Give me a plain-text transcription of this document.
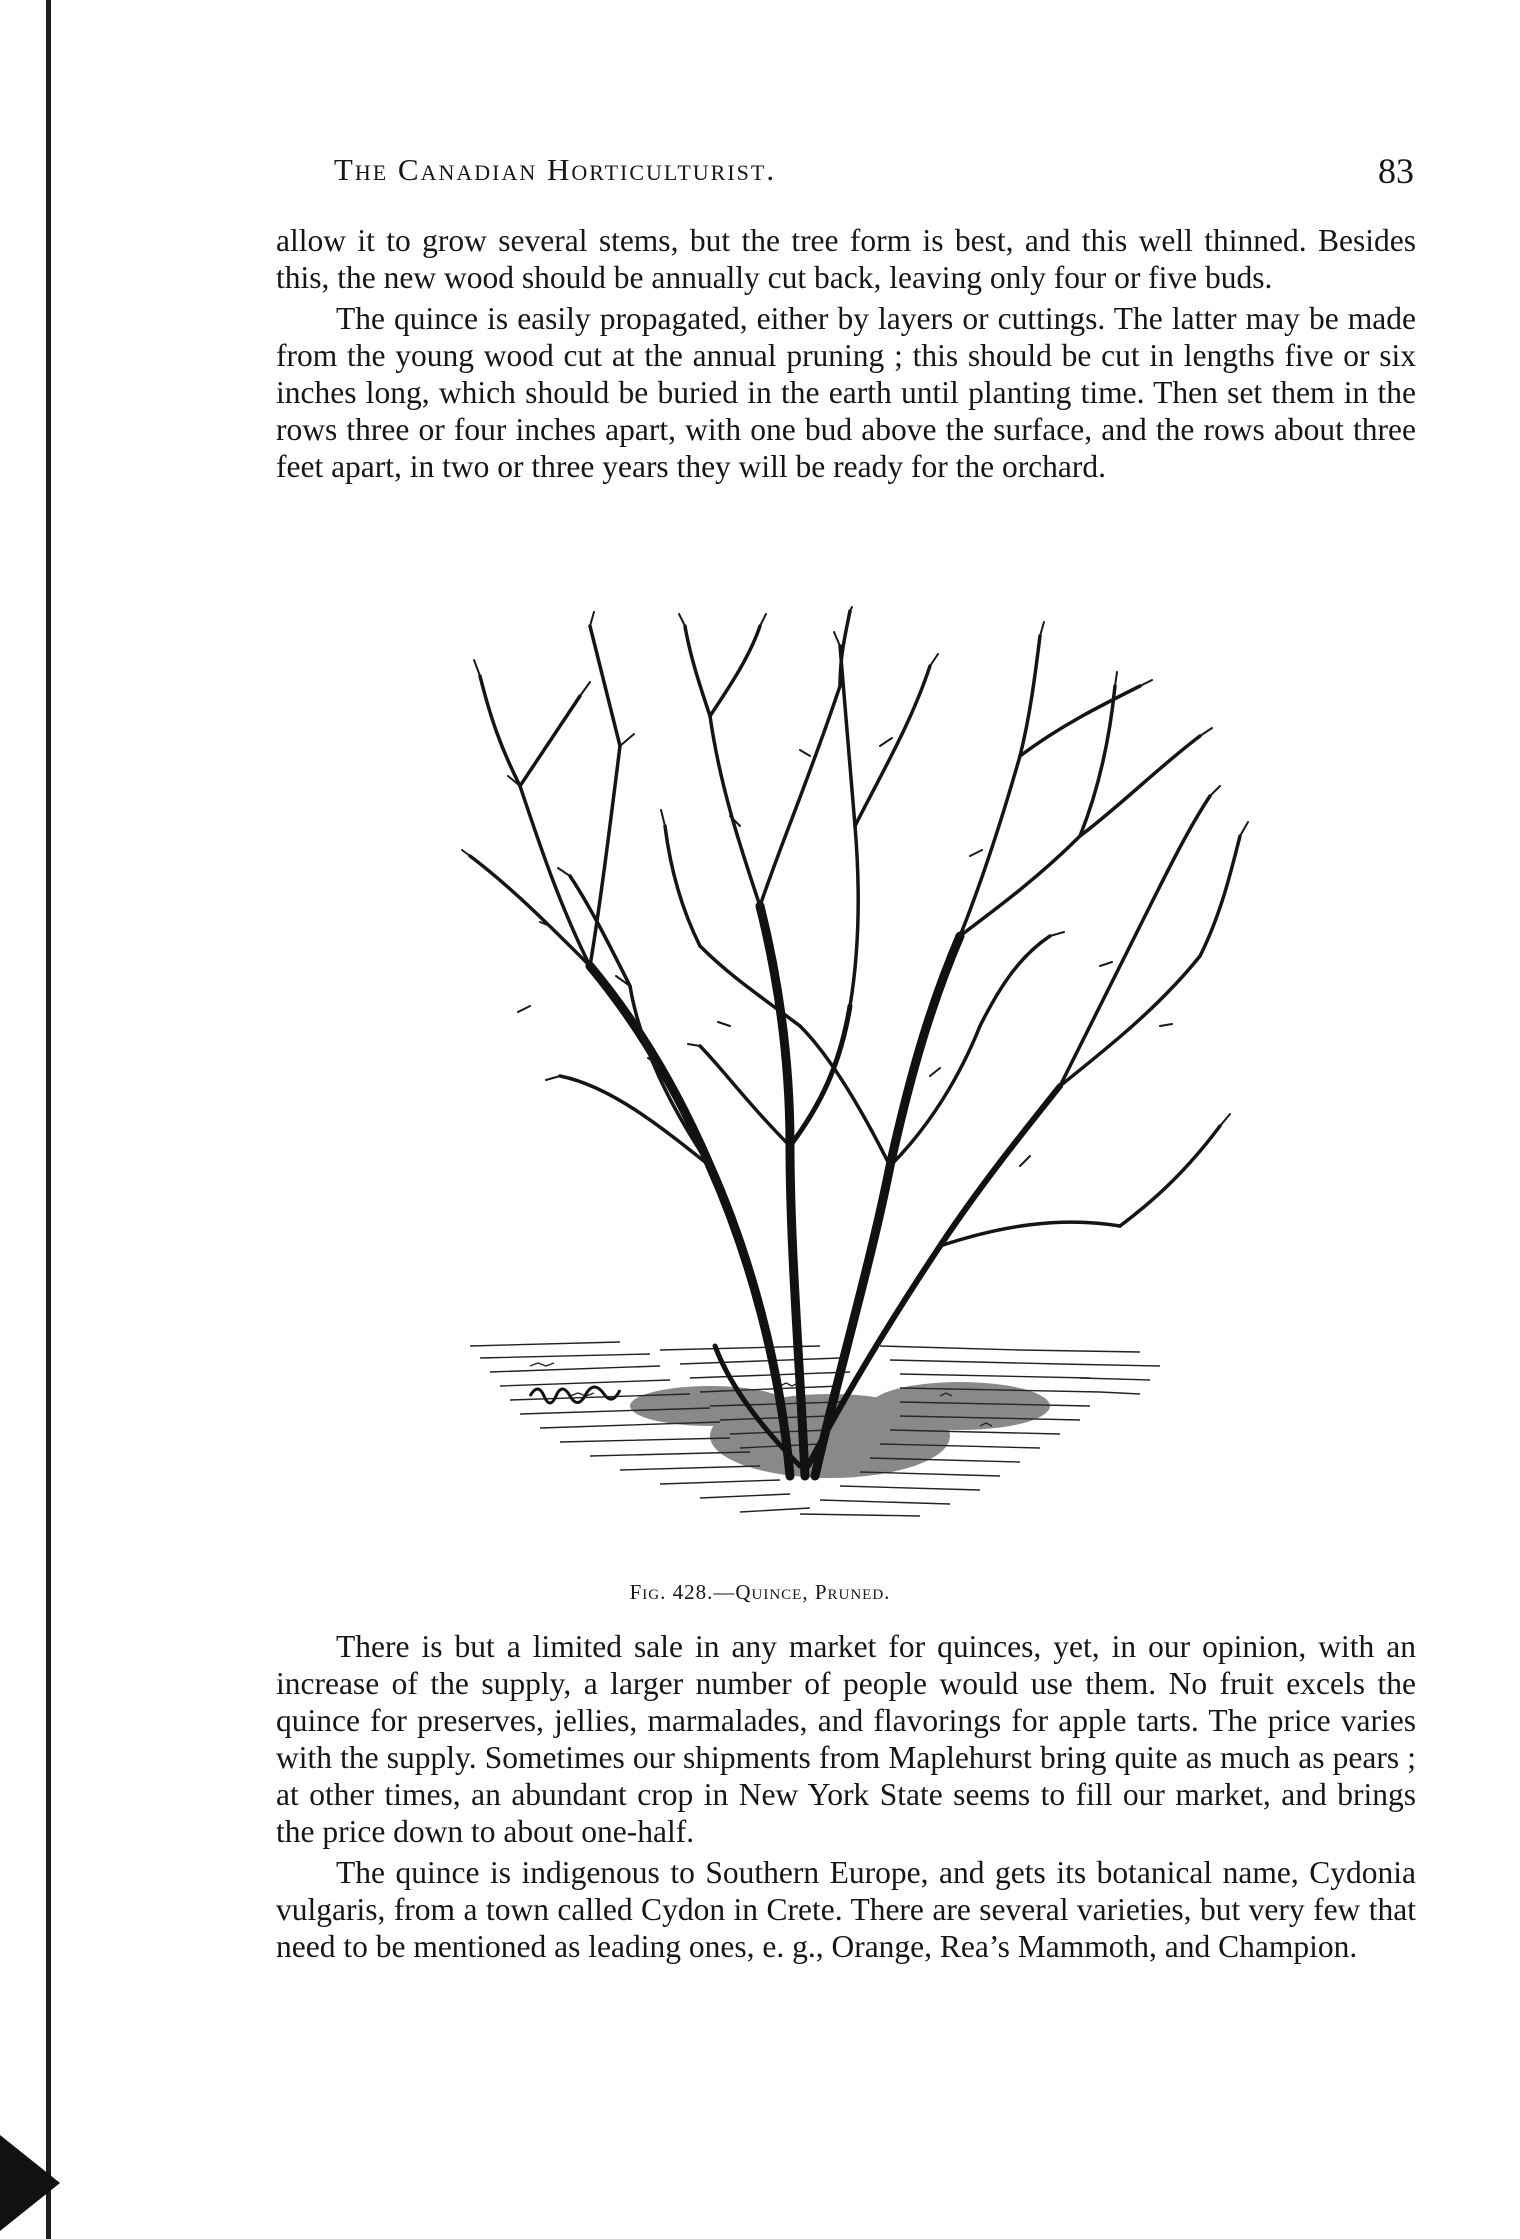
The Canadian Horticulturist.	83

allow it to grow several stems, but the tree form is best, and this well thinned. Besides this, the new wood should be annually cut back, leaving only four or five buds.

The quince is easily propagated, either by layers or cuttings. The latter may be made from the young wood cut at the annual pruning ; this should be cut in lengths five or six inches long, which should be buried in the earth until planting time. Then set them in the rows three or four inches apart, with one bud above the surface, and the rows about three feet apart, in two or three years they will be ready for the orchard.

Fig. 428.—Quince, Pruned.

There is but a limited sale in any market for quinces, yet, in our opinion, with an increase of the supply, a larger number of people would use them. No fruit excels the quince for preserves, jellies, marmalades, and flavorings for apple tarts. The price varies with the supply. Sometimes our shipments from Maplehurst bring quite as much as pears ; at other times, an abundant crop in New York State seems to fill our market, and brings the price down to about one-half.

The quince is indigenous to Southern Europe, and gets its botanical name, Cydonia vulgaris, from a town called Cydon in Crete. There are several varieties, but very few that need to be mentioned as leading ones, e. g., Orange, Rea’s Mammoth, and Champion.
